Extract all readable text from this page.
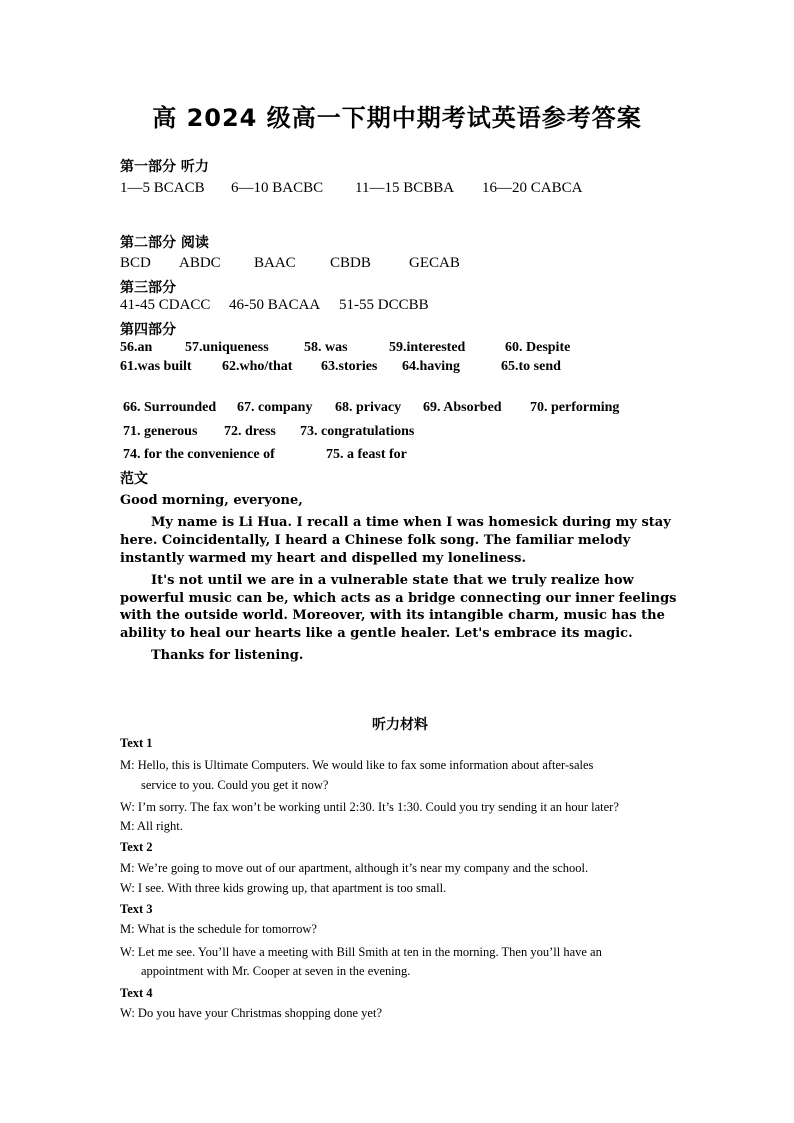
高 2024 级高一下期中期考试英语参考答案
第一部分 听力
1—5 BCACB 6—10 BACBC 11—15 BCBBA 16—20 CABCA
第二部分 阅读
BCD ABDC BAAC CBDB	GECAB
第三部分
41-45 CDACC 46-50 BACAA 51-55 DCCBB
第四部分
56.an 57.uniqueness	58. was	59.interested	60. Despite
61.was built 62.who/that 63.stories 64.having	65.to send
66. Surrounded 67. company 68. privacy 69. Absorbed 70. performing
71. generous 72. dress 73. congratulations
74. for the convenience of	75. a feast for
范文
Good morning, everyone,
My name is Li Hua. I recall a time when I was homesick during my stay
here. Coincidentally, I heard a Chinese folk song. The familiar melody
instantly warmed my heart and dispelled my loneliness.
It's not until we are in a vulnerable state that we truly realize how
powerful music can be, which acts as a bridge connecting our inner feelings
with the outside world. Moreover, with its intangible charm, music has the
ability to heal our hearts like a gentle healer. Let's embrace its magic.
Thanks for listening.
听力材料
Text 1
M: Hello, this is Ultimate Computers. We would like to fax some information about after-sales
service to you. Could you get it now?
W: I’m sorry. The fax won’t be working until 2:30. It’s 1:30. Could you try sending it an hour later?
M: All right.
Text 2
M: We’re going to move out of our apartment, although it’s near my company and the school.
W: I see. With three kids growing up, that apartment is too small.
Text 3
M: What is the schedule for tomorrow?
W: Let me see. You’ll have a meeting with Bill Smith at ten in the morning. Then you’ll have an
appointment with Mr. Cooper at seven in the evening.
Text 4
W: Do you have your Christmas shopping done yet?
